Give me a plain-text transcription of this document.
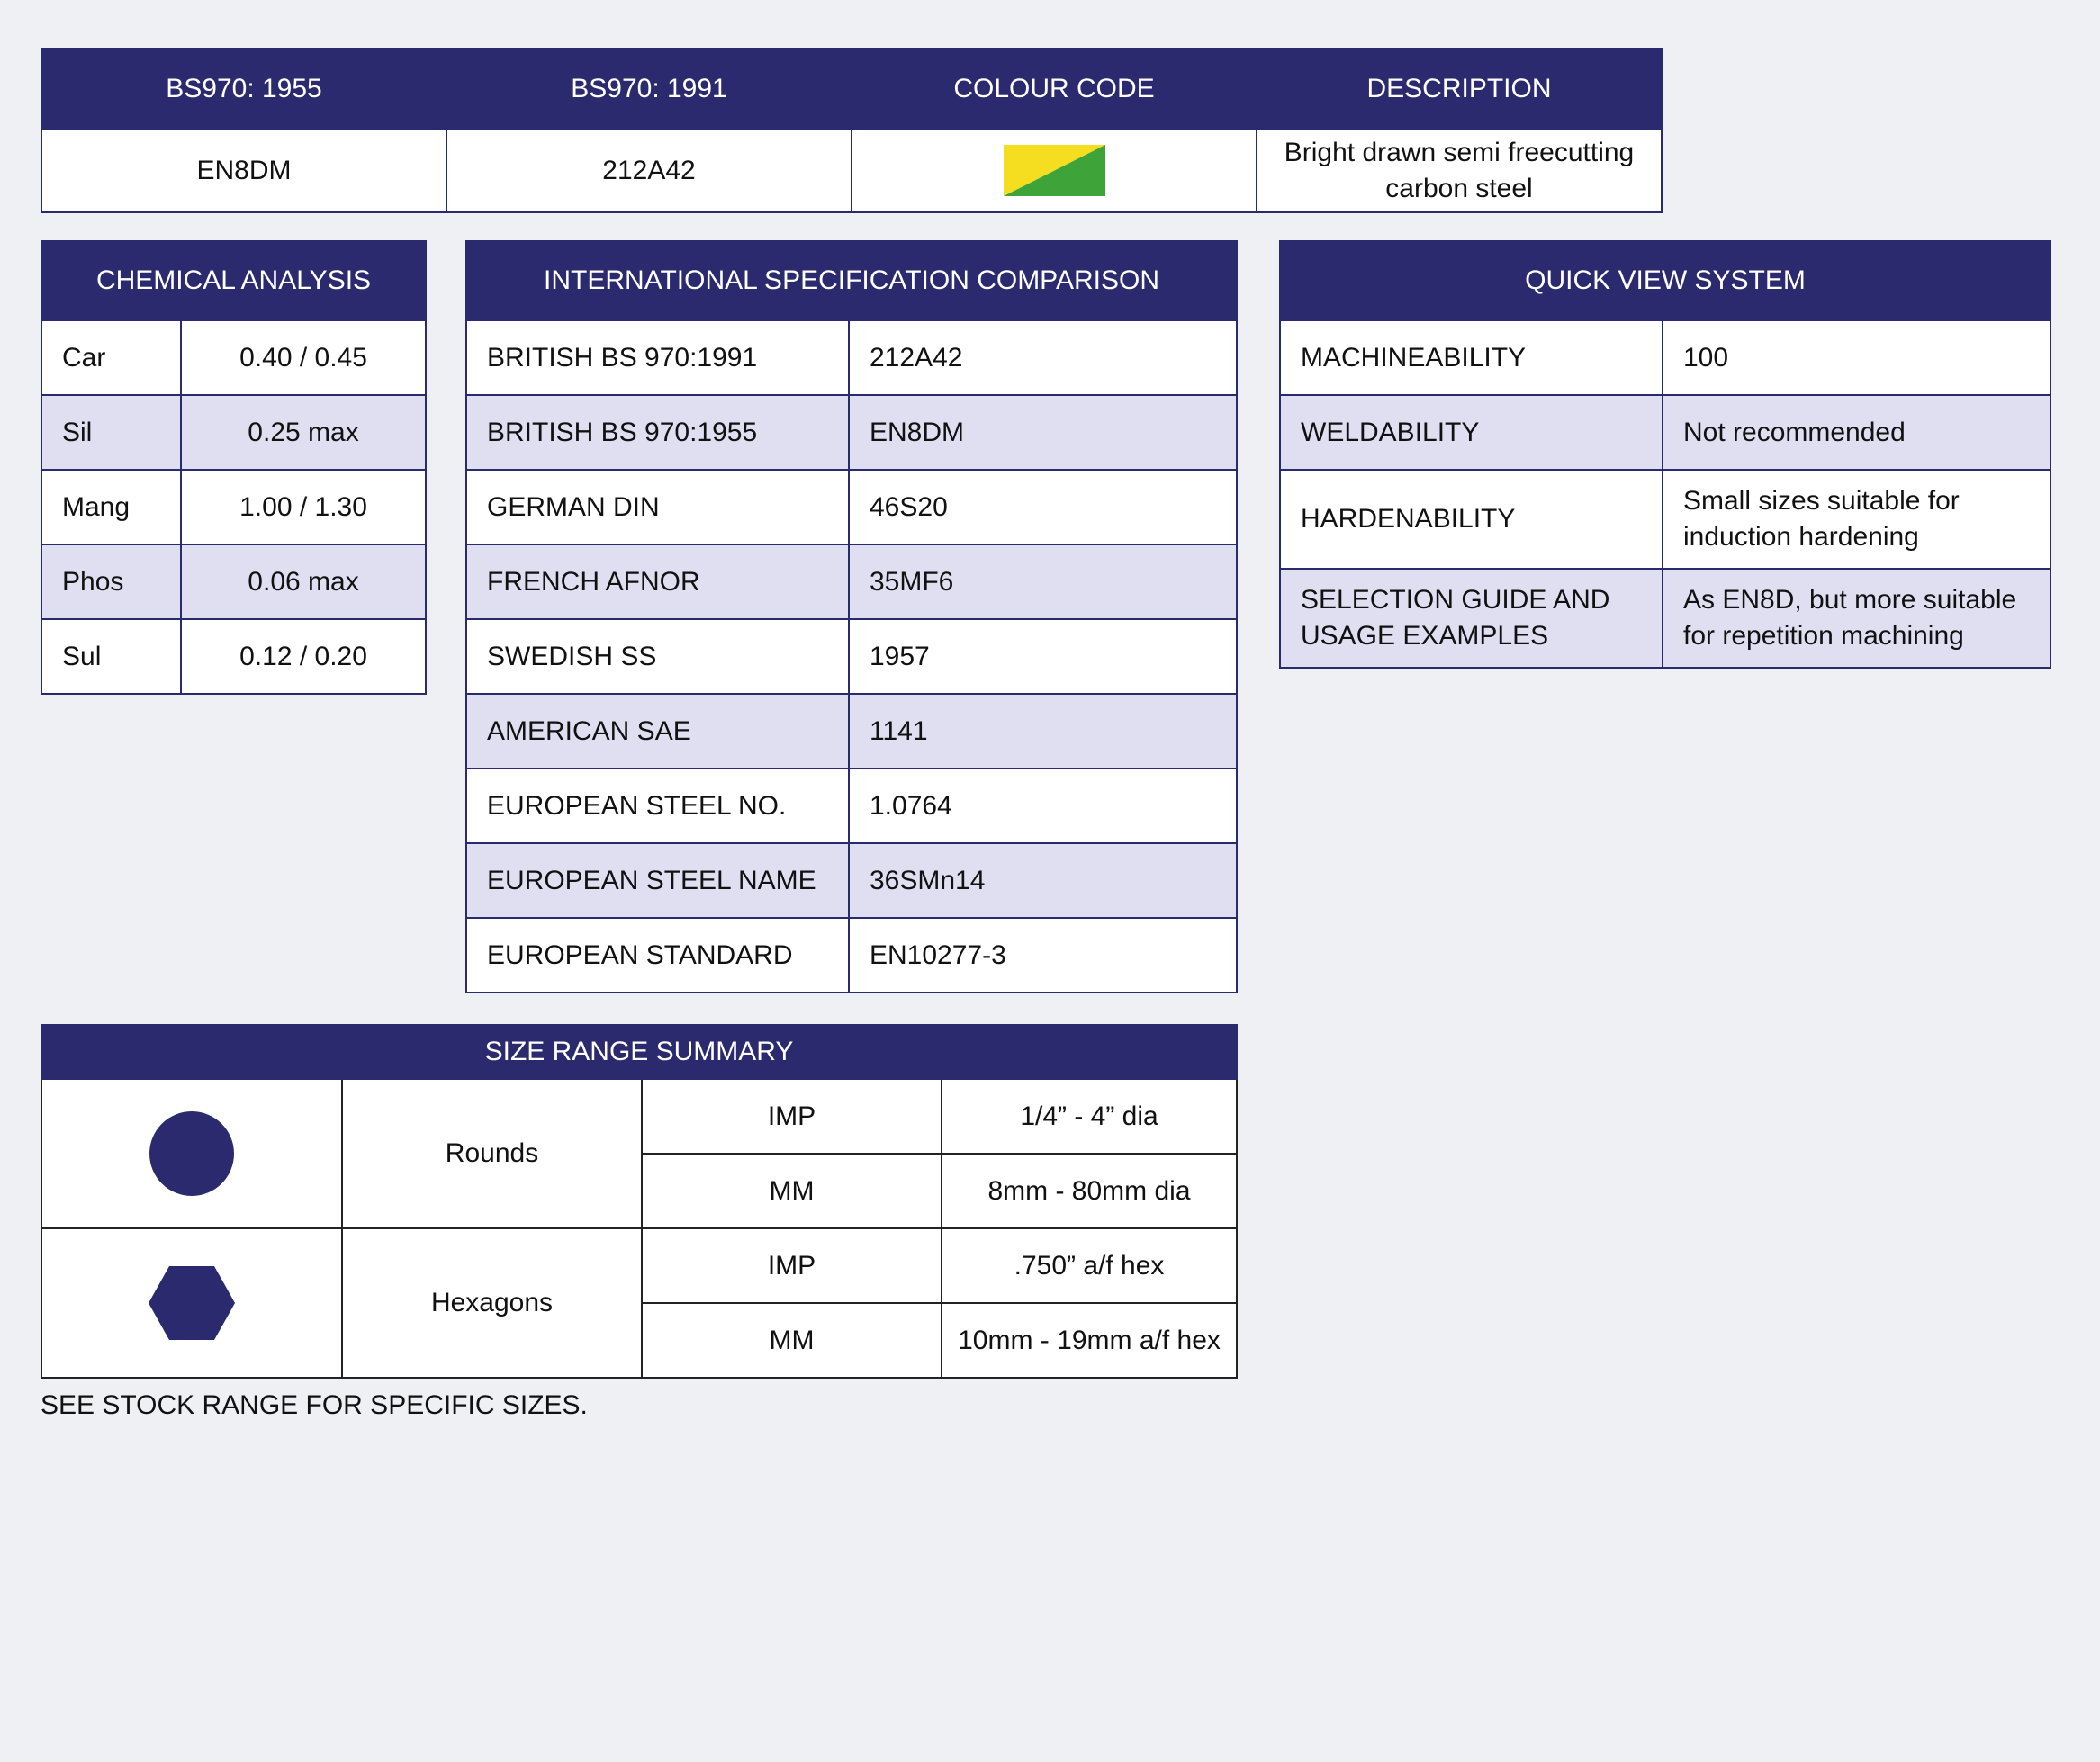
BS970: 1955	BS970: 1991	COLOUR CODE	DESCRIPTION
EN8DM	212A42		Bright drawn semi freecutting carbon steel
CHEMICAL ANALYSIS	
Car	0.40 / 0.45
Sil	0.25 max
Mang	1.00 / 1.30
Phos	0.06 max
Sul	0.12 / 0.20
INTERNATIONAL SPECIFICATION COMPARISON	
BRITISH BS 970:1991	212A42
BRITISH BS 970:1955	EN8DM
GERMAN DIN	46S20
FRENCH AFNOR	35MF6
SWEDISH SS	1957
AMERICAN SAE	1141
EUROPEAN STEEL NO.	1.0764
EUROPEAN STEEL NAME	36SMn14
EUROPEAN STANDARD	EN10277-3
QUICK VIEW SYSTEM	
MACHINEABILITY	100
WELDABILITY	Not recommended
HARDENABILITY	Small sizes suitable for induction hardening
SELECTION GUIDE AND USAGE EXAMPLES	As EN8D, but more suitable for repetition machining
SIZE RANGE SUMMARY			
	Rounds	IMP	1/4” - 4” dia
		MM	8mm - 80mm dia
	Hexagons	IMP	.750” a/f hex
		MM	10mm - 19mm a/f hex
SEE STOCK RANGE FOR SPECIFIC SIZES.
